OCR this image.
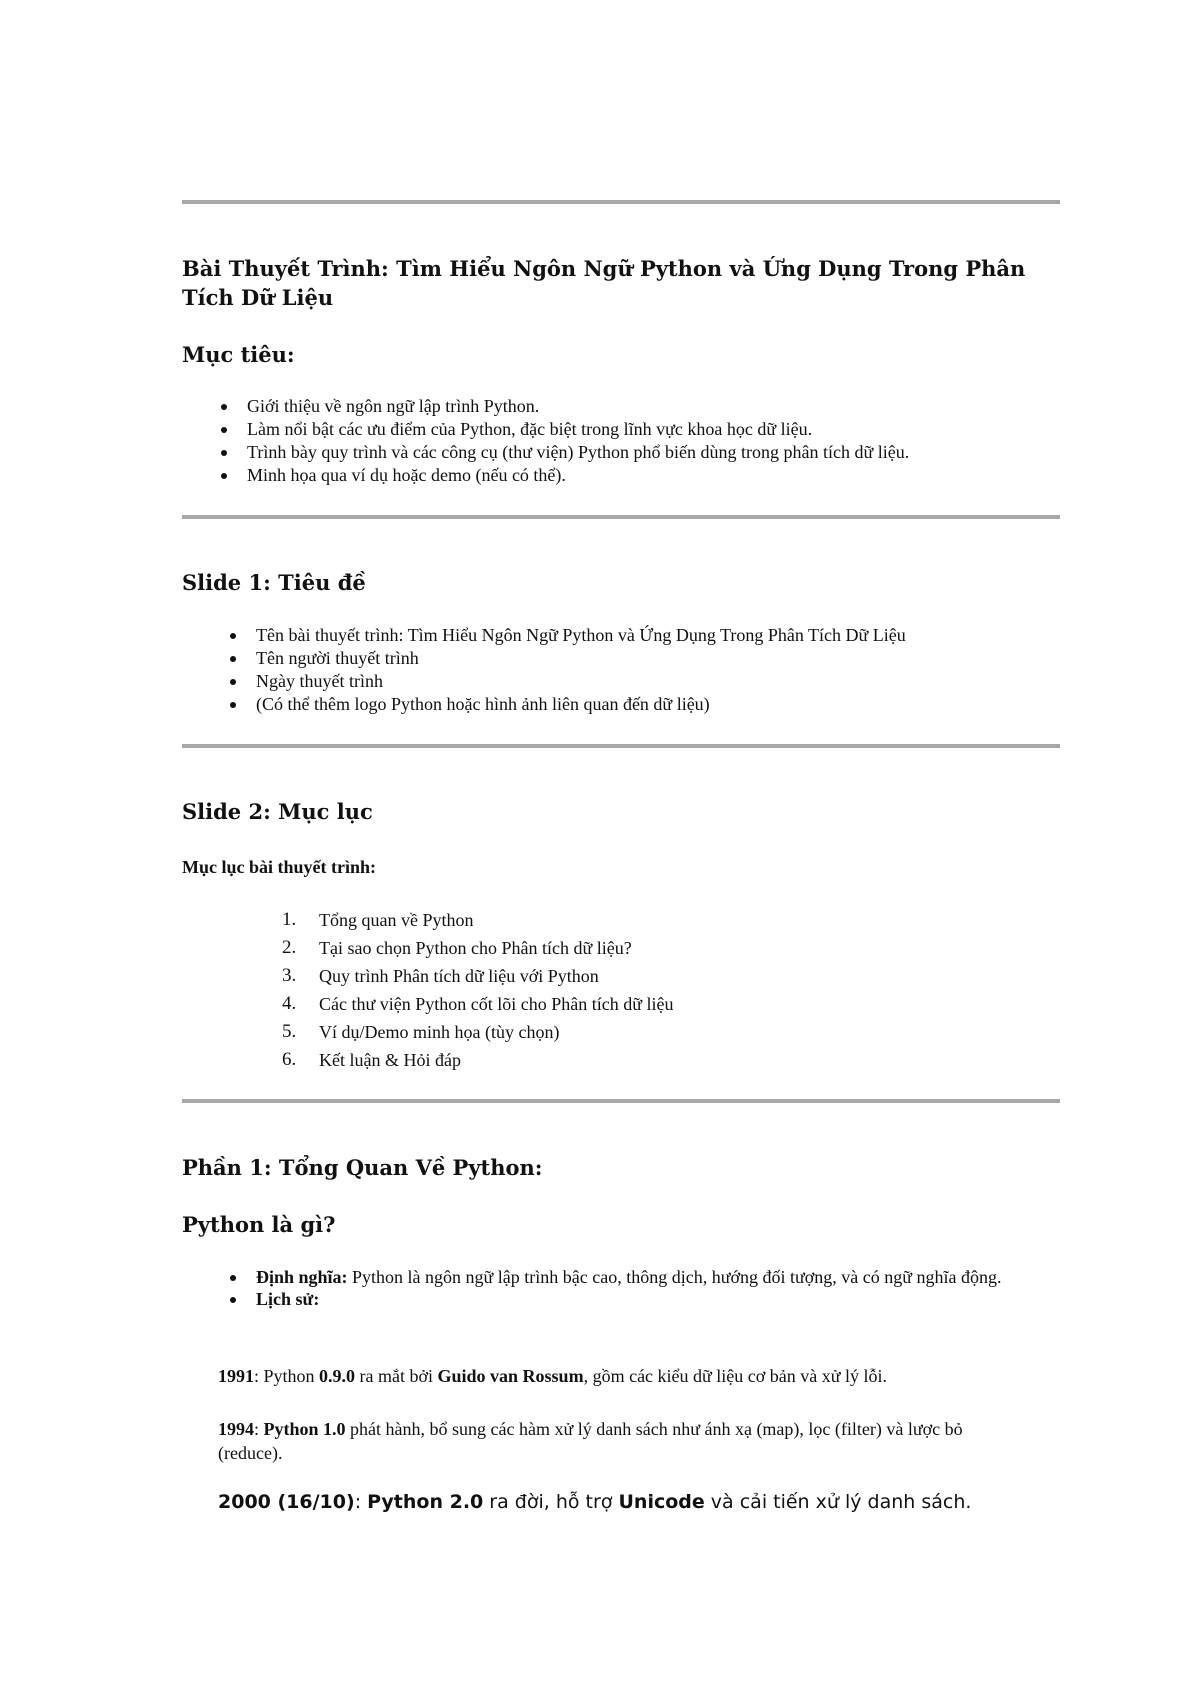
Bài Thuyết Trình: Tìm Hiểu Ngôn Ngữ Python và Ứng Dụng Trong Phân Tích Dữ Liệu
Mục tiêu:
Giới thiệu về ngôn ngữ lập trình Python.
Làm nổi bật các ưu điểm của Python, đặc biệt trong lĩnh vực khoa học dữ liệu.
Trình bày quy trình và các công cụ (thư viện) Python phổ biến dùng trong phân tích dữ liệu.
Minh họa qua ví dụ hoặc demo (nếu có thể).
Slide 1: Tiêu đề
Tên bài thuyết trình: Tìm Hiểu Ngôn Ngữ Python và Ứng Dụng Trong Phân Tích Dữ Liệu
Tên người thuyết trình
Ngày thuyết trình
(Có thể thêm logo Python hoặc hình ảnh liên quan đến dữ liệu)
Slide 2: Mục lục

Mục lục bài thuyết trình:

1. Tổng quan về Python
2. Tại sao chọn Python cho Phân tích dữ liệu?
3. Quy trình Phân tích dữ liệu với Python
4. Các thư viện Python cốt lõi cho Phân tích dữ liệu
5. Ví dụ/Demo minh họa (tùy chọn)
6. Kết luận & Hỏi đáp
Phần 1: Tổng Quan Về Python:
Python là gì?
Định nghĩa: Python là ngôn ngữ lập trình bậc cao, thông dịch, hướng đối tượng, và có ngữ nghĩa động.
Lịch sử:

1991: Python 0.9.0 ra mắt bởi Guido van Rossum, gồm các kiểu dữ liệu cơ bản và xử lý lỗi.

1994: Python 1.0 phát hành, bổ sung các hàm xử lý danh sách như ánh xạ (map), lọc (filter) và lược bỏ (reduce).

2000 (16/10): Python 2.0 ra đời, hỗ trợ Unicode và cải tiến xử lý danh sách.
